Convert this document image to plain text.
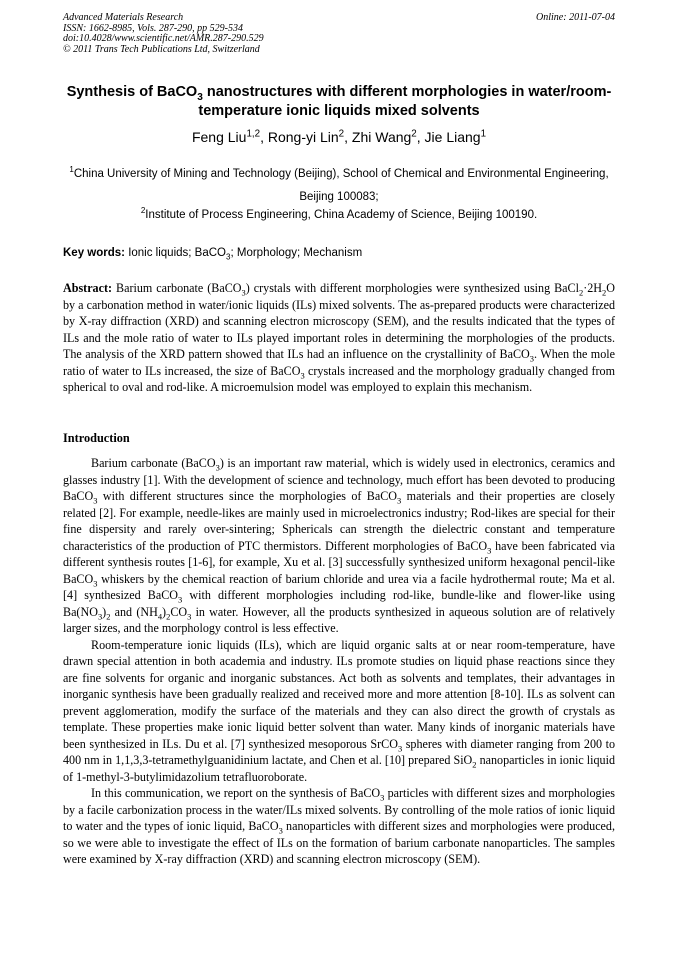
Advanced Materials Research
ISSN: 1662-8985, Vols. 287-290, pp 529-534
doi:10.4028/www.scientific.net/AMR.287-290.529
© 2011 Trans Tech Publications Ltd, Switzerland
Online: 2011-07-04
Synthesis of BaCO$_3$ nanostructures with different morphologies in water/room-temperature ionic liquids mixed solvents
Feng Liu$^{1,2}$, Rong-yi Lin$^2$, Zhi Wang$^2$, Jie Liang$^1$
$^1$China University of Mining and Technology (Beijing), School of Chemical and Environmental Engineering, Beijing 100083;
$^2$Institute of Process Engineering, China Academy of Science, Beijing 100190.
Key words: Ionic liquids; BaCO$_3$; Morphology; Mechanism

Abstract: Barium carbonate (BaCO$_3$) crystals with different morphologies were synthesized using $BaCl_2\cdot 2H_2O$ by a carbonation method in water/ionic liquids (ILs) mixed solvents. The as-prepared products were characterized by X-ray diffraction (XRD) and scanning electron microscopy (SEM), and the results indicated that the types of ILs and the mole ratio of water to ILs played important roles in determining the morphologies of the products. The analysis of the XRD pattern showed that ILs had an influence on the crystallinity of BaCO$_3$. When the mole ratio of water to ILs increased, the size of BaCO$_3$ crystals increased and the morphology gradually changed from spherical to oval and rod-like. A microemulsion model was employed to explain this mechanism.

Introduction

Barium carbonate (BaCO$_3$) is an important raw material, which is widely used in electronics, ceramics and glasses industry [1]. With the development of science and technology, much effort has been devoted to producing BaCO$_3$ with different structures since the morphologies of BaCO$_3$ materials and their properties are closely related [2]. For example, needle-likes are mainly used in microelectronics industry; Rod-likes are special for their fine dispersity and rarely over-sintering; Sphericals can strength the dielectric constant and temperature characteristics of the production of PTC thermistors. Different morphologies of BaCO$_3$ have been fabricated via different synthesis routes [1-6], for example, Xu et al. [3] successfully synthesized uniform hexagonal pencil-like BaCO$_3$ whiskers by the chemical reaction of barium chloride and urea via a facile hydrothermal route; Ma et al. [4] synthesized BaCO$_3$ with different morphologies including rod-like, bundle-like and flower-like using $Ba(NO_3)_2$ and $(NH_4)_2CO_3$ in water. However, all the products synthesized in aqueous solution are of relatively larger sizes, and the morphology control is less effective.

Room-temperature ionic liquids (ILs), which are liquid organic salts at or near room-temperature, have drawn special attention in both academia and industry. ILs promote studies on liquid phase reactions since they are fine solvents for organic and inorganic substances. Act both as solvents and templates, their advantages in inorganic synthesis have been gradually realized and received more and more attention [8-10]. ILs as solvent can prevent agglomeration, modify the surface of the materials and they can also direct the growth of crystals as template. These properties make ionic liquid better solvent than water. Many kinds of inorganic materials have been synthesized in ILs. Du et al. [7] synthesized mesoporous SrCO$_3$ spheres with diameter ranging from 200 to 400 nm in 1,1,3,3-tetramethylguanidinium lactate, and Chen et al. [10] prepared SiO$_2$ nanoparticles in ionic liquid of 1-methyl-3-butylimidazolium tetrafluoroborate.

In this communication, we report on the synthesis of BaCO$_3$ particles with different sizes and morphologies by a facile carbonization process in the water/ILs mixed solvents. By controlling of the mole ratios of ionic liquid to water and the types of ionic liquid, BaCO$_3$ nanoparticles with different sizes and morphologies were produced, so we were able to investigate the effect of ILs on the formation of barium carbonate nanoparticles. The samples were examined by X-ray diffraction (XRD) and scanning electron microscopy (SEM).
